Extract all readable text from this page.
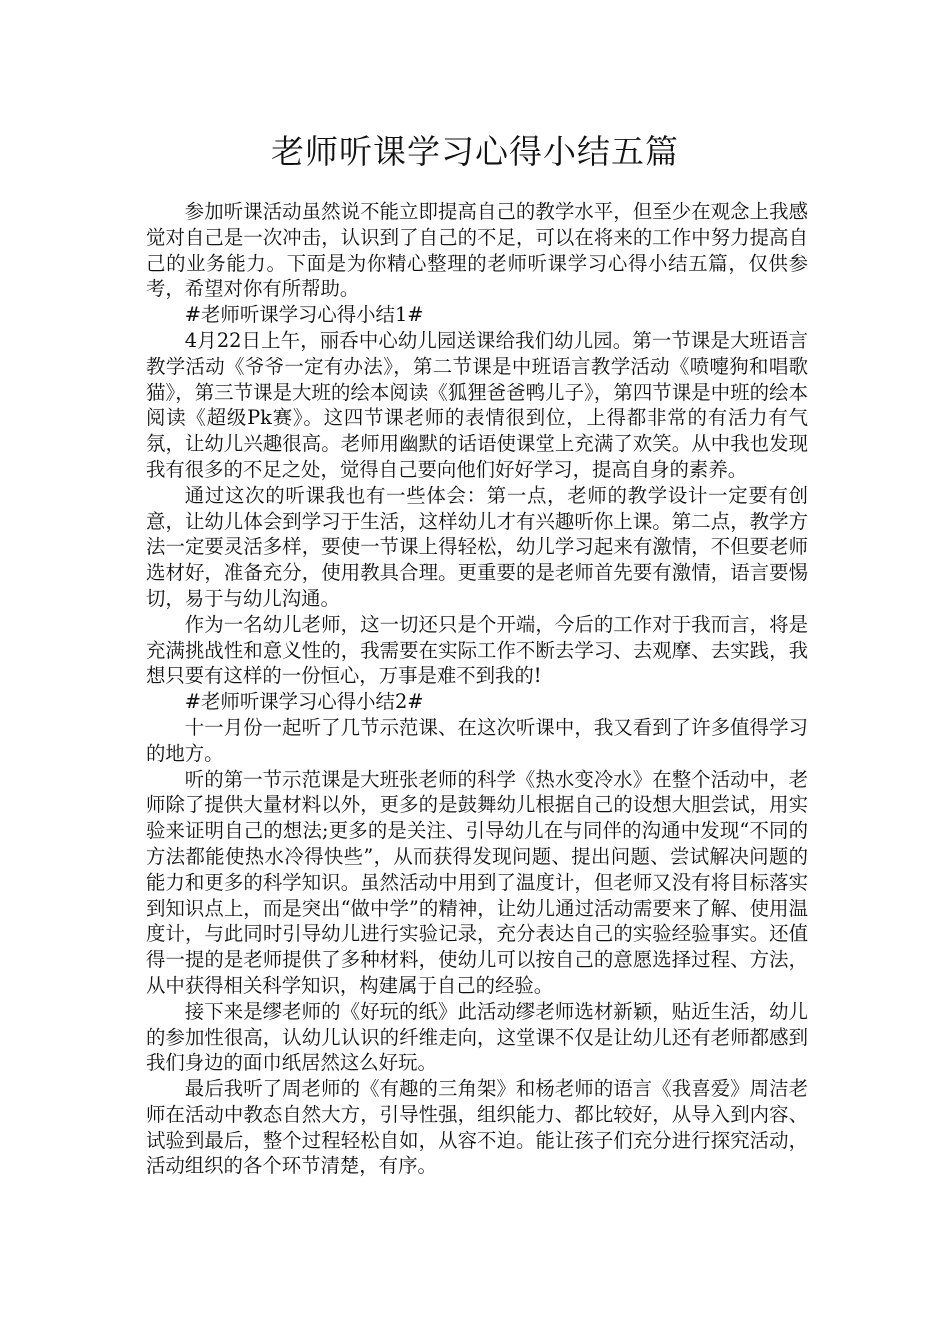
老师听课学习心得小结五篇

参加听课活动虽然说不能立即提高自己的教学水平，但至少在观念上我感觉对自己是一次冲击，认识到了自己的不足，可以在将来的工作中努力提高自己的业务能力。下面是为你精心整理的老师听课学习心得小结五篇，仅供参考，希望对你有所帮助。

#老师听课学习心得小结1#

4月22日上午，丽呑中心幼儿园送课给我们幼儿园。第一节课是大班语言教学活动《爷爷一定有办法》，第二节课是中班语言教学活动《喷嚏狗和唱歌猫》，第三节课是大班的绘本阅读《狐狸爸爸鸭儿子》，第四节课是中班的绘本阅读《超级Pk赛》。这四节课老师的表情很到位，上得都非常的有活力有气氛，让幼儿兴趣很高。老师用幽默的话语使课堂上充满了欢笑。从中我也发现我有很多的不足之处，觉得自己要向他们好好学习，提高自身的素养。

通过这次的听课我也有一些体会：第一点，老师的教学设计一定要有创意，让幼儿体会到学习于生活，这样幼儿才有兴趣听你上课。第二点，教学方法一定要灵活多样，要使一节课上得轻松，幼儿学习起来有激情，不但要老师选材好，准备充分，使用教具合理。更重要的是老师首先要有激情，语言要惕切，易于与幼儿沟通。

作为一名幼儿老师，这一切还只是个开端，今后的工作对于我而言，将是充满挑战性和意义性的，我需要在实际工作不断去学习、去观摩、去实践，我想只要有这样的一份恒心，万事是难不到我的!

#老师听课学习心得小结2#

十一月份一起听了几节示范课、在这次听课中，我又看到了许多值得学习的地方。

听的第一节示范课是大班张老师的科学《热水变冷水》在整个活动中，老师除了提供大量材料以外，更多的是鼓舞幼儿根据自己的设想大胆尝试，用实验来证明自己的想法;更多的是关注、引导幼儿在与同伴的沟通中发现“不同的方法都能使热水冷得快些”，从而获得发现问题、提出问题、尝试解决问题的能力和更多的科学知识。虽然活动中用到了温度计，但老师又没有将目标落实到知识点上，而是突出“做中学”的精神，让幼儿通过活动需要来了解、使用温度计，与此同时引导幼儿进行实验记录，充分表达自己的实验经验事实。还值得一提的是老师提供了多种材料，使幼儿可以按自己的意愿选择过程、方法，从中获得相关科学知识，构建属于自己的经验。

接下来是缪老师的《好玩的纸》此活动缪老师选材新颖，贴近生活，幼儿的参加性很高，认幼儿认识的纤维走向，这堂课不仅是让幼儿还有老师都感到我们身边的面巾纸居然这么好玩。

最后我听了周老师的《有趣的三角架》和杨老师的语言《我喜爱》周洁老师在活动中教态自然大方，引导性强，组织能力、都比较好，从导入到内容、试验到最后，整个过程轻松自如，从容不迫。能让孩子们充分进行探究活动，活动组织的各个环节清楚，有序。
